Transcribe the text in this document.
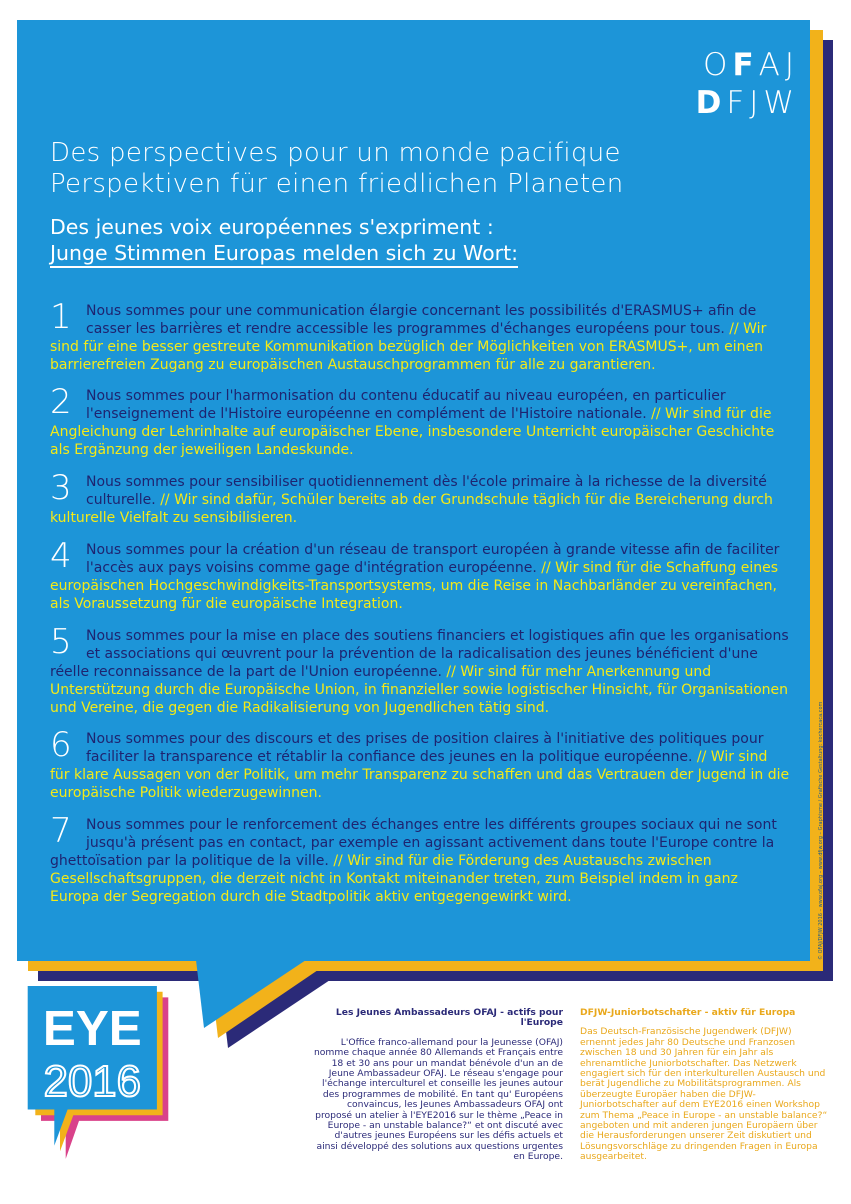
© OFAJ/DFJW 2016 – www.ofaj.org – www.dfjw.org – Graphisme / Grafische Gestaltung: kochercaca.com
OFAJ
DFJW
Des perspectives pour un monde pacifique
Perspektiven für einen friedlichen Planeten
Des jeunes voix européennes s'expriment :
Junge Stimmen Europas melden sich zu Wort:
1	Nous sommes pour une communication élargie concernant les possibilités d'ERASMUS+ afin de casser les barrières et rendre accessible les programmes d'échanges européens pour tous. // Wir sind für eine besser gestreute Kommunikation bezüglich der Möglichkeiten von ERASMUS+, um einen barrierefreien Zugang zu europäischen Austauschprogrammen für alle zu garantieren.
2	Nous sommes pour l'harmonisation du contenu éducatif au niveau européen, en particulier l'enseignement de l'Histoire européenne en complément de l'Histoire nationale. // Wir sind für die Angleichung der Lehrinhalte auf europäischer Ebene, insbesondere Unterricht europäischer Geschichte als Ergänzung der jeweiligen Landeskunde.
3	Nous sommes pour sensibiliser quotidiennement dès l'école primaire à la richesse de la diversité culturelle. // Wir sind dafür, Schüler bereits ab der Grundschule täglich für die Bereicherung durch kulturelle Vielfalt zu sensibilisieren.
4	Nous sommes pour la création d'un réseau de transport européen à grande vitesse afin de faciliter l'accès aux pays voisins comme gage d'intégration européenne. // Wir sind für die Schaffung eines europäischen Hochgeschwindigkeits-Transportsystems, um die Reise in Nachbarländer zu vereinfachen, als Voraussetzung für die europäische Integration.
5	Nous sommes pour la mise en place des soutiens financiers et logistiques afin que les organisations et associations qui œuvrent pour la prévention de la radicalisation des jeunes bénéficient d'une réelle reconnaissance de la part de l'Union européenne. // Wir sind für mehr Anerkennung und Unterstützung durch die Europäische Union, in finanzieller sowie logistischer Hinsicht, für Organisationen und Vereine, die gegen die Radikalisierung von Jugendlichen tätig sind.
6	Nous sommes pour des discours et des prises de position claires à l'initiative des politiques pour faciliter la transparence et rétablir la confiance des jeunes en la politique européenne. // Wir sind für klare Aussagen von der Politik, um mehr Transparenz zu schaffen und das Vertrauen der Jugend in die europäische Politik wiederzugewinnen.
7	Nous sommes pour le renforcement des échanges entre les différents groupes sociaux qui ne sont jusqu'à présent pas en contact, par exemple en agissant activement dans toute l'Europe contre la ghettoïsation par la politique de la ville. // Wir sind für die Förderung des Austauschs zwischen Gesellschaftsgruppen, die derzeit nicht in Kontakt miteinander treten, zum Beispiel indem in ganz Europa der Segregation durch die Stadtpolitik aktiv entgegengewirkt wird.
EYE
2016
Les Jeunes Ambassadeurs OFAJ - actifs pour l'Europe

L'Office franco-allemand pour la Jeunesse (OFAJ) nomme chaque année 80 Allemands et Français entre 18 et 30 ans pour un mandat bénévole d'un an de Jeune Ambassadeur OFAJ. Le réseau s'engage pour l'échange interculturel et conseille les jeunes autour des programmes de mobilité. En tant qu' Européens convaincus, les Jeunes Ambassadeurs OFAJ ont proposé un atelier à l'EYE2016 sur le thème „Peace in Europe - an unstable balance?“ et ont discuté avec d'autres jeunes Européens sur les défis actuels et ainsi développé des solutions aux questions urgentes en Europe.

DFJW-Juniorbotschafter - aktiv für Europa

Das Deutsch-Französische Jugendwerk (DFJW) ernennt jedes Jahr 80 Deutsche und Franzosen zwischen 18 und 30 Jahren für ein Jahr als ehrenamtliche Juniorbotschafter. Das Netzwerk engagiert sich für den interkulturellen Austausch und berät Jugendliche zu Mobilitätsprogrammen. Als überzeugte Europäer haben die DFJW-Juniorbotschafter auf dem EYE2016 einen Workshop zum Thema „Peace in Europe - an unstable balance?“ angeboten und mit anderen jungen Europäern über die Herausforderungen unserer Zeit diskutiert und Lösungsvorschläge zu dringenden Fragen in Europa ausgearbeitet.
